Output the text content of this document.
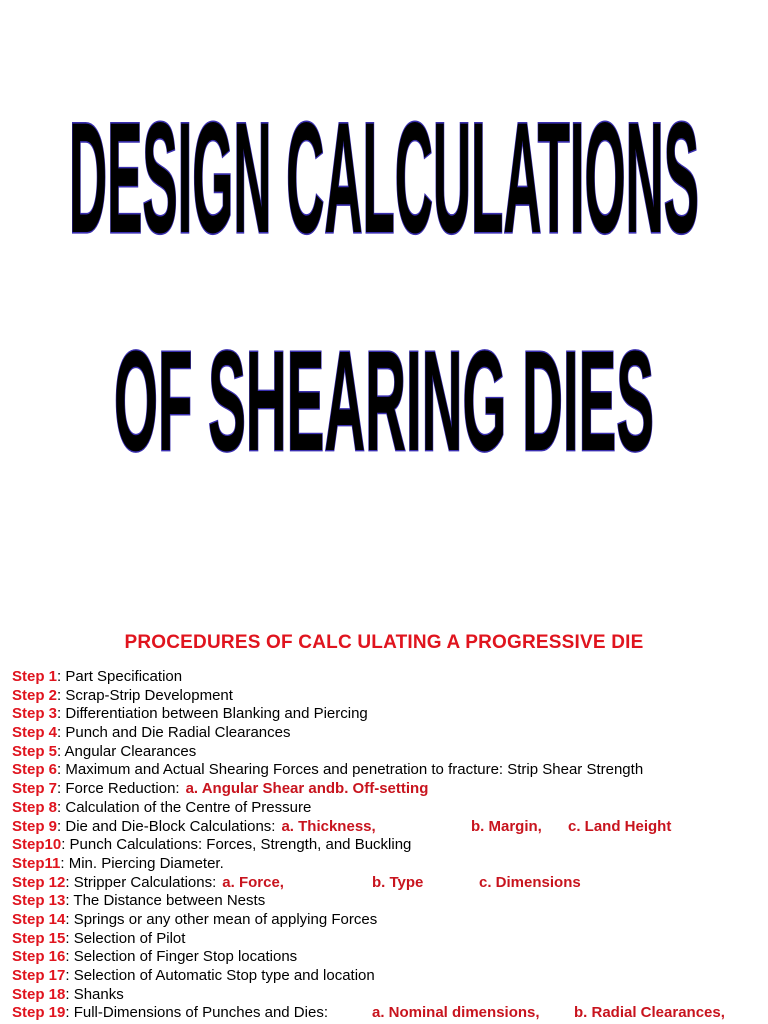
DESIGN CALCULATIONS
OF SHEARING DIES
PROCEDURES OF CALC ULATING A PROGRESSIVE DIE
Step 1: Part Specification
Step 2: Scrap-Strip Development
Step 3: Differentiation between Blanking and Piercing
Step 4: Punch and Die Radial Clearances
Step 5: Angular Clearances
Step 6: Maximum and Actual Shearing Forces and penetration to fracture: Strip Shear Strength
Step 7: Force Reduction: a. Angular Shear andb. Off-setting
Step 8: Calculation of the Centre of Pressure
Step 9: Die and Die-Block Calculations: a. Thickness,	b. Margin, c. Land Height
Step10: Punch Calculations: Forces, Strength, and Buckling
Step11: Min. Piercing Diameter.
Step 12: Stripper Calculations: a. Force,	b. Type	c. Dimensions
Step 13: The Distance between Nests
Step 14: Springs or any other mean of applying Forces
Step 15: Selection of Pilot
Step 16: Selection of Finger Stop locations
Step 17: Selection of Automatic Stop type and location
Step 18: Shanks
Step 19: Full-Dimensions of Punches and Dies:	a. Nominal dimensions, b. Radial Clearances,
